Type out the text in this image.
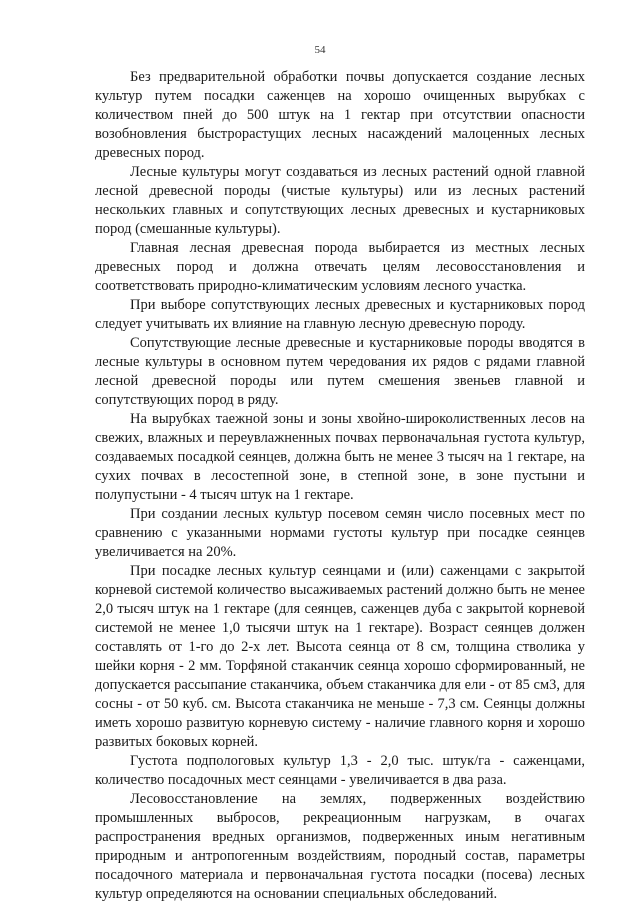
54

Без предварительной обработки почвы допускается создание лесных культур путем посадки саженцев на хорошо очищенных вырубках с количеством пней до 500 штук на 1 гектар при отсутствии опасности возобновления быстрорастущих лесных насаждений малоценных лесных древесных пород.

Лесные культуры могут создаваться из лесных растений одной главной лесной древесной породы (чистые культуры) или из лесных растений нескольких главных и сопутствующих лесных древесных и кустарниковых пород (смешанные культуры).

Главная лесная древесная порода выбирается из местных лесных древесных пород и должна отвечать целям лесовосстановления и соответствовать природно-климатическим условиям лесного участка.

При выборе сопутствующих лесных древесных и кустарниковых пород следует учитывать их влияние на главную лесную древесную породу.

Сопутствующие лесные древесные и кустарниковые породы вводятся в лесные культуры в основном путем чередования их рядов с рядами главной лесной древесной породы или путем смешения звеньев главной и сопутствующих пород в ряду.

На вырубках таежной зоны и зоны хвойно-широколиственных лесов на свежих, влажных и переувлажненных почвах первоначальная густота культур, создаваемых посадкой сеянцев, должна быть не менее 3 тысяч на 1 гектаре, на сухих почвах в лесостепной зоне, в степной зоне, в зоне пустыни и полупустыни - 4 тысяч штук на 1 гектаре.

При создании лесных культур посевом семян число посевных мест по сравнению с указанными нормами густоты культур при посадке сеянцев увеличивается на 20%.

При посадке лесных культур сеянцами и (или) саженцами с закрытой корневой системой количество высаживаемых растений должно быть не менее 2,0 тысяч штук на 1 гектаре (для сеянцев, саженцев дуба с закрытой корневой системой не менее 1,0 тысячи штук на 1 гектаре). Возраст сеянцев должен составлять от 1-го до 2-х лет. Высота сеянца от 8 см, толщина стволика у шейки корня - 2 мм. Торфяной стаканчик сеянца хорошо сформированный, не допускается рассыпание стаканчика, объем стаканчика для ели - от 85 см3, для сосны - от 50 куб. см. Высота стаканчика не меньше - 7,3 см. Сеянцы должны иметь хорошо развитую корневую систему - наличие главного корня и хорошо развитых боковых корней.

Густота подпологовых культур 1,3 - 2,0 тыс. штук/га - саженцами, количество посадочных мест сеянцами - увеличивается в два раза.

Лесовосстановление на землях, подверженных воздействию промышленных выбросов, рекреационным нагрузкам, в очагах распространения вредных организмов, подверженных иным негативным природным и антропогенным воздействиям, породный состав, параметры посадочного материала и первоначальная густота посадки (посева) лесных культур определяются на основании специальных обследований.
